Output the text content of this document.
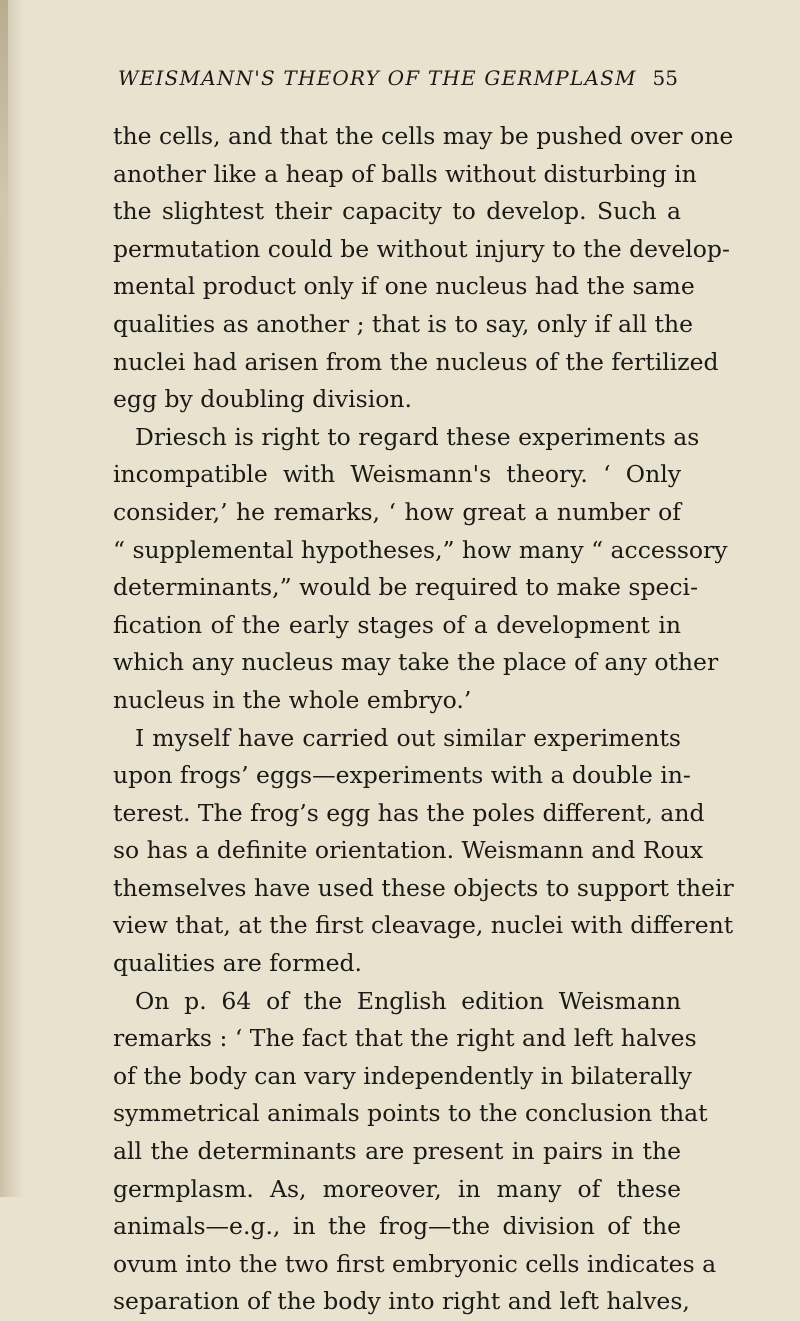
WEISMANN'S THEORY OF THE GERMPLASM 55
the cells, and that the cells may be pushed over one
another like a heap of balls without disturbing in
the slightest their capacity to develop. Such a
permutation could be without injury to the develop-
mental product only if one nucleus had the same
qualities as another ; that is to say, only if all the
nuclei had arisen from the nucleus of the fertilized
egg by doubling division.
Driesch is right to regard these experiments as
incompatible with Weismann's theory. ‘ Only
consider,’ he remarks, ‘ how great a number of
“ supplemental hypotheses,” how many “ accessory
determinants,” would be required to make speci-
fication of the early stages of a development in
which any nucleus may take the place of any other
nucleus in the whole embryo.’
I myself have carried out similar experiments
upon frogs’ eggs—experiments with a double in-
terest. The frog’s egg has the poles different, and
so has a definite orientation. Weismann and Roux
themselves have used these objects to support their
view that, at the first cleavage, nuclei with different
qualities are formed.
On p. 64 of the English edition Weismann
remarks : ‘ The fact that the right and left halves
of the body can vary independently in bilaterally
symmetrical animals points to the conclusion that
all the determinants are present in pairs in the
germplasm. As, moreover, in many of these
animals—e.g., in the frog—the division of the
ovum into the two first embryonic cells indicates a
separation of the body into right and left halves,
